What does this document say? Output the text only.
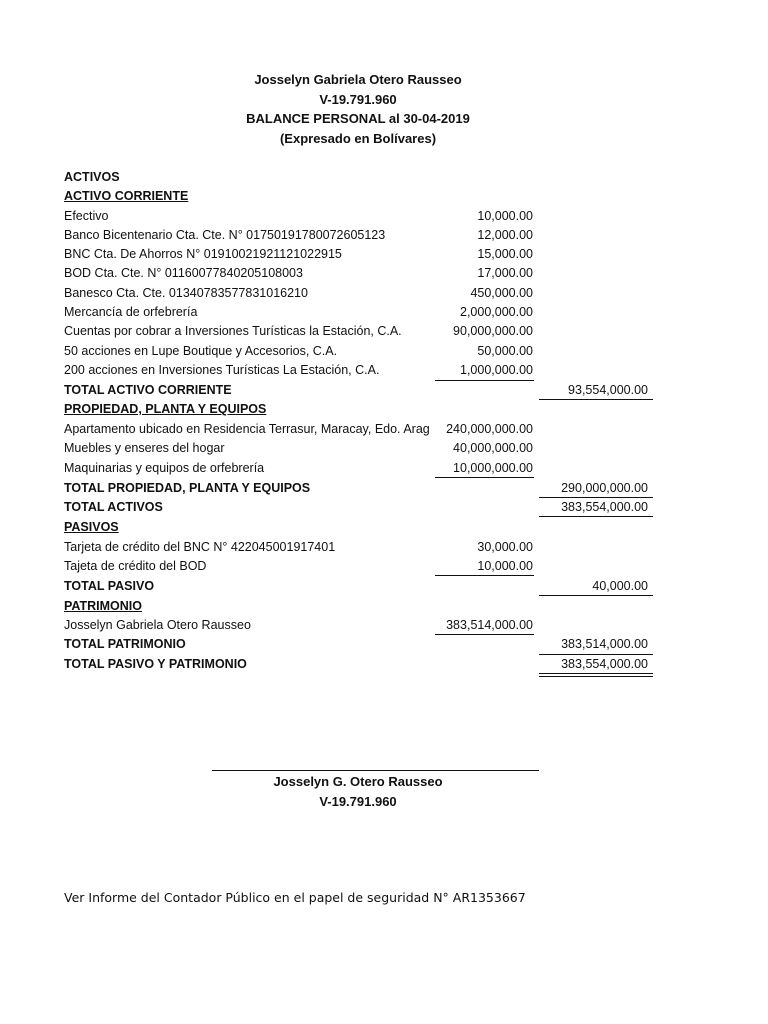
Josselyn Gabriela Otero Rausseo
V-19.791.960
BALANCE PERSONAL al 30-04-2019
(Expresado en Bolívares)
ACTIVOS
ACTIVO CORRIENTE
Efectivo	10,000.00
Banco Bicentenario Cta. Cte. N° 01750191780072605123	12,000.00
BNC Cta. De Ahorros N° 01910021921121022915	15,000.00
BOD Cta. Cte. N° 01160077840205108003	17,000.00
Banesco Cta. Cte. 01340783577831016210	450,000.00
Mercancía de orfebrería	2,000,000.00
Cuentas por cobrar a Inversiones Turísticas la Estación, C.A.	90,000,000.00
50 acciones en Lupe Boutique y Accesorios, C.A.	50,000.00
200 acciones en Inversiones Turísticas La Estación, C.A.	1,000,000.00
TOTAL ACTIVO CORRIENTE	93,554,000.00
PROPIEDAD, PLANTA Y EQUIPOS
Apartamento ubicado en Residencia Terrasur, Maracay, Edo. Arag 240,000,000.00
Muebles y enseres del hogar	40,000,000.00
Maquinarias y equipos de orfebrería	10,000,000.00
TOTAL PROPIEDAD, PLANTA Y EQUIPOS	290,000,000.00
TOTAL ACTIVOS	383,554,000.00
PASIVOS
Tarjeta de crédito del BNC N° 422045001917401	30,000.00
Tajeta de crédito del BOD	10,000.00
TOTAL PASIVO	40,000.00
PATRIMONIO
Josselyn Gabriela Otero Rausseo	383,514,000.00
TOTAL PATRIMONIO	383,514,000.00
TOTAL PASIVO Y PATRIMONIO	383,554,000.00
Josselyn G. Otero Rausseo
V-19.791.960
Ver Informe del Contador Público en el papel de seguridad N° AR1353667
